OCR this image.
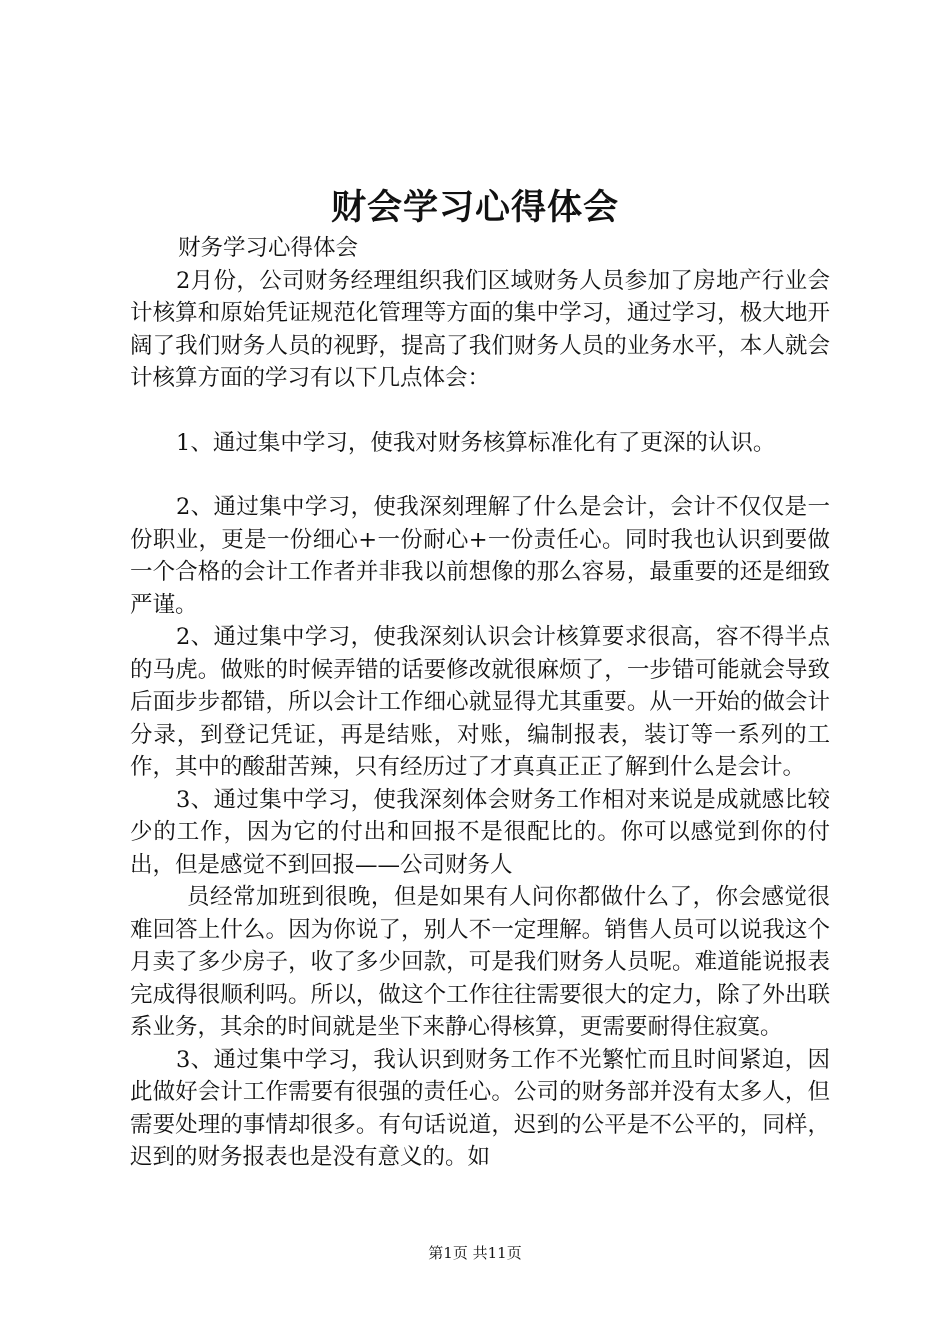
财会学习心得体会

财务学习心得体会

2月份，公司财务经理组织我们区域财务人员参加了房地产行业会计核算和原始凭证规范化管理等方面的集中学习，通过学习，极大地开阔了我们财务人员的视野，提高了我们财务人员的业务水平，本人就会计核算方面的学习有以下几点体会：

1、通过集中学习，使我对财务核算标准化有了更深的认识。

2、通过集中学习，使我深刻理解了什么是会计，会计不仅仅是一份职业，更是一份细心+一份耐心+一份责任心。同时我也认识到要做一个合格的会计工作者并非我以前想像的那么容易，最重要的还是细致严谨。

2、通过集中学习，使我深刻认识会计核算要求很高，容不得半点的马虎。做账的时候弄错的话要修改就很麻烦了，一步错可能就会导致后面步步都错，所以会计工作细心就显得尤其重要。从一开始的做会计分录，到登记凭证，再是结账，对账，编制报表，装订等一系列的工作，其中的酸甜苦辣，只有经历过了才真真正正了解到什么是会计。

3、通过集中学习，使我深刻体会财务工作相对来说是成就感比较少的工作，因为它的付出和回报不是很配比的。你可以感觉到你的付出，但是感觉不到回报——公司财务人

员经常加班到很晚，但是如果有人问你都做什么了，你会感觉很难回答上什么。因为你说了，别人不一定理解。销售人员可以说我这个月卖了多少房子，收了多少回款，可是我们财务人员呢。难道能说报表完成得很顺利吗。所以，做这个工作往往需要很大的定力，除了外出联系业务，其余的时间就是坐下来静心得核算，更需要耐得住寂寞。

3、通过集中学习，我认识到财务工作不光繁忙而且时间紧迫，因此做好会计工作需要有很强的责任心。公司的财务部并没有太多人，但需要处理的事情却很多。有句话说道，迟到的公平是不公平的，同样，迟到的财务报表也是没有意义的。如

第1页 共11页
